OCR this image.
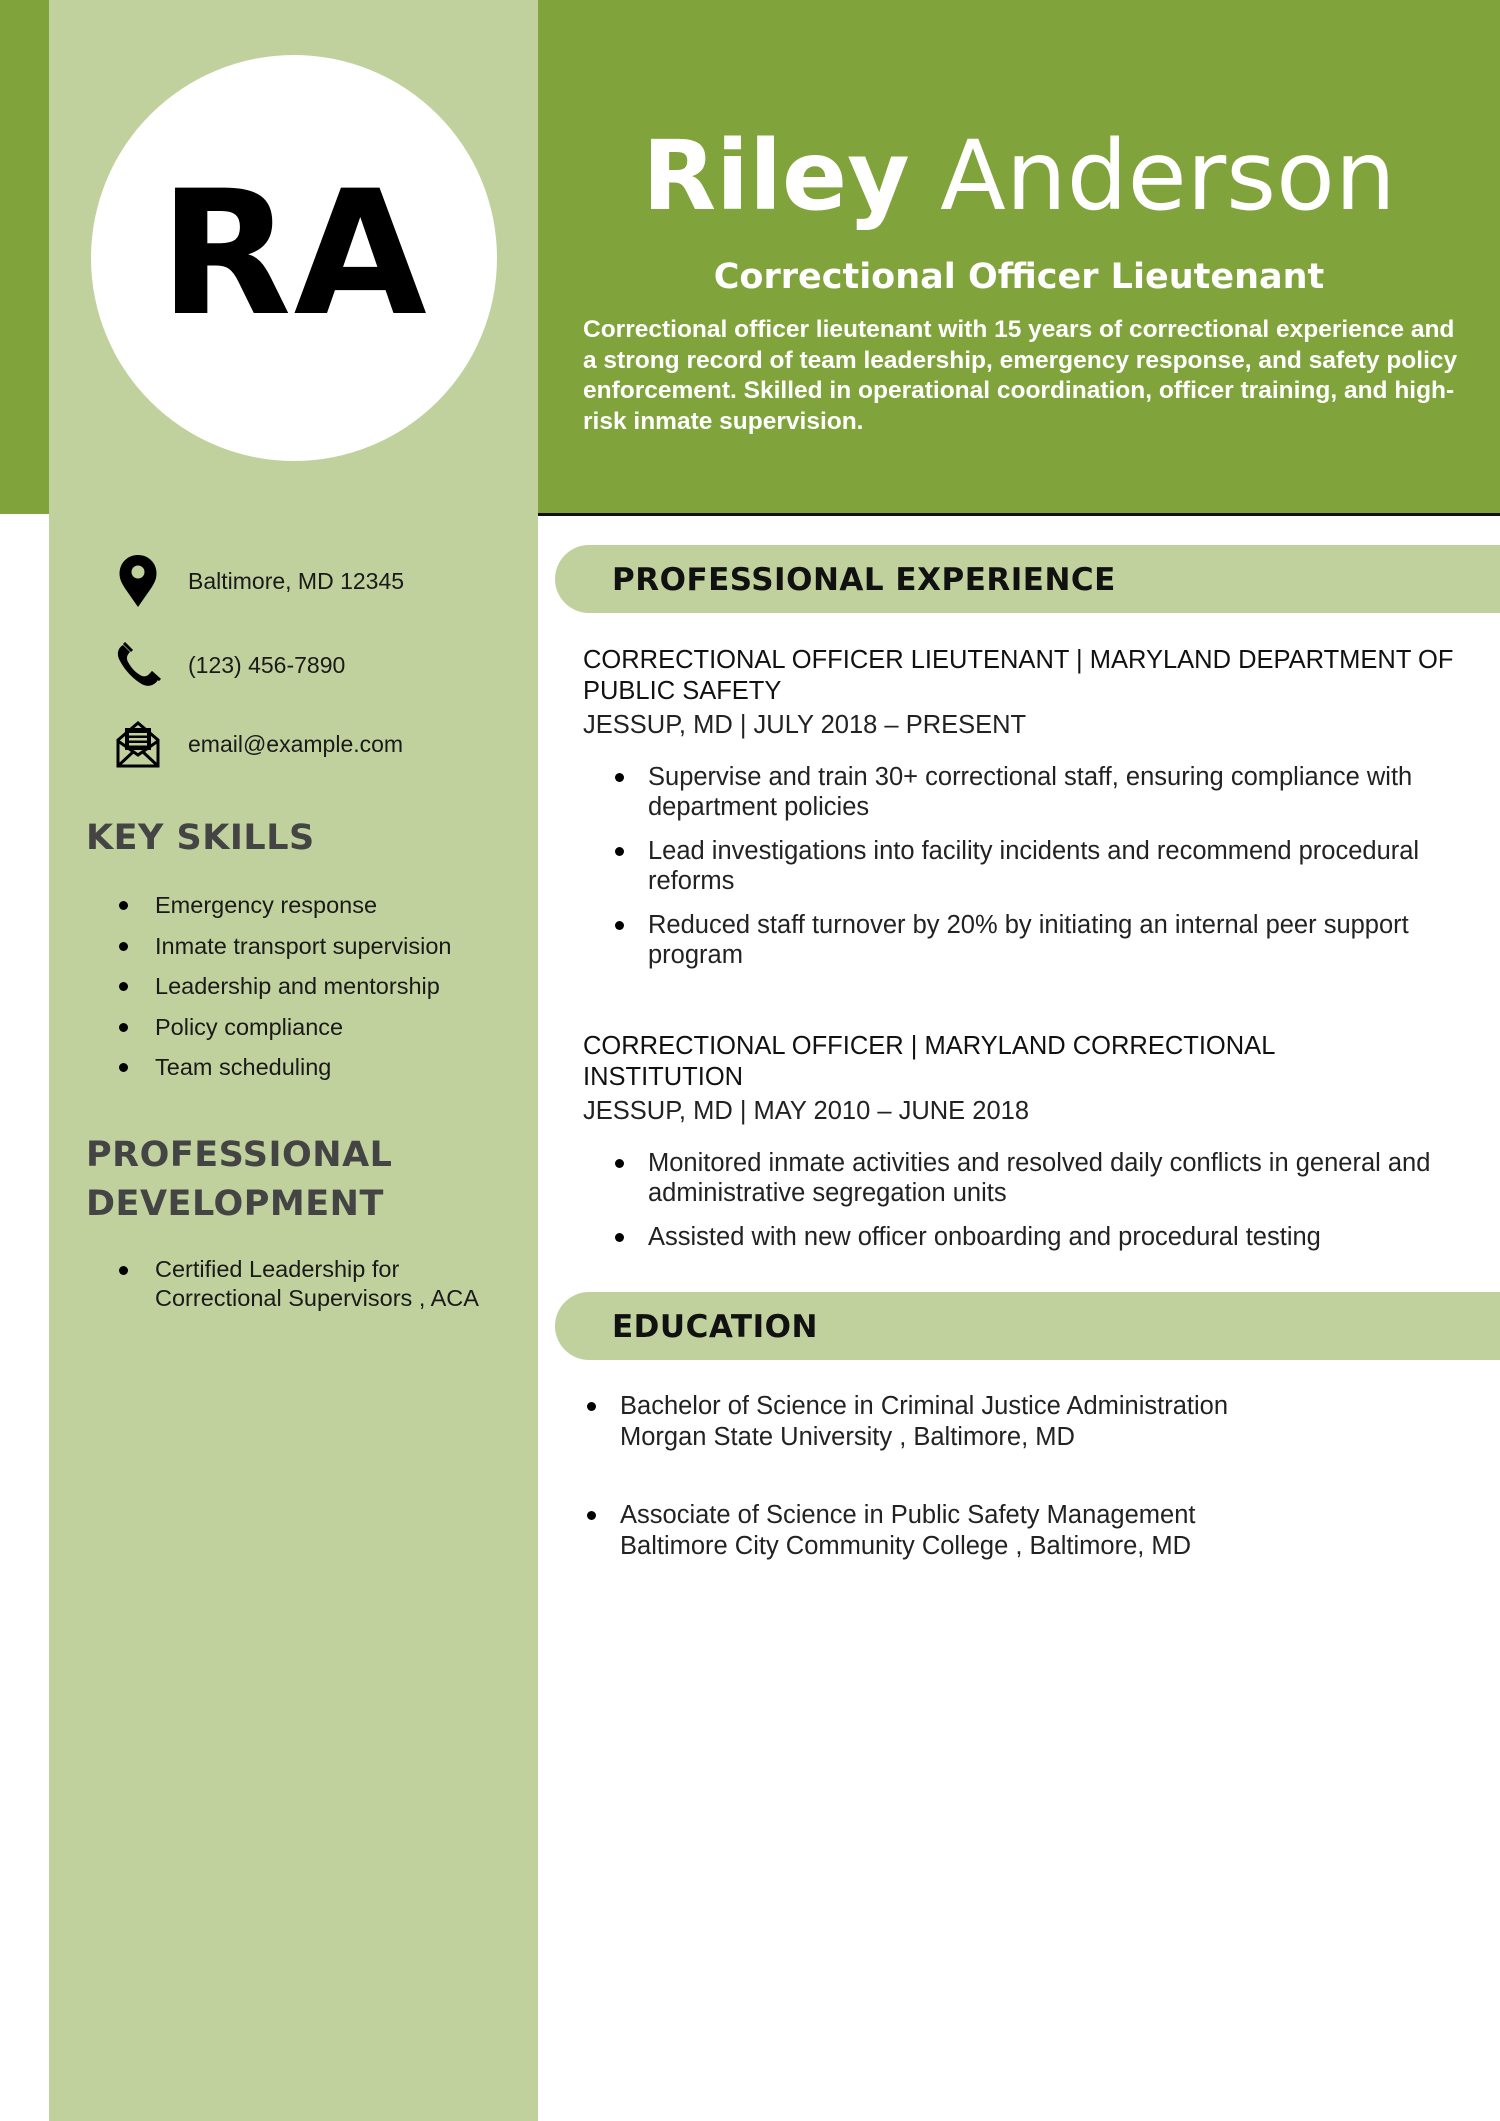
RA	Riley Anderson
Correctional Officer Lieutenant
Correctional officer lieutenant with 15 years of correctional experience and a strong record of team leadership, emergency response, and safety policy enforcement. Skilled in operational coordination, officer training, and high-risk inmate supervision.
Baltimore, MD 12345
(123) 456-7890
email@example.com
KEY SKILLS
Emergency response
Inmate transport supervision
Leadership and mentorship
Policy compliance
Team scheduling
PROFESSIONAL
DEVELOPMENT
Certified Leadership for Correctional Supervisors , ACA
PROFESSIONAL EXPERIENCE
CORRECTIONAL OFFICER LIEUTENANT | MARYLAND DEPARTMENT OF PUBLIC SAFETY
JESSUP, MD | JULY 2018 – PRESENT
Supervise and train 30+ correctional staff, ensuring compliance with department policies
Lead investigations into facility incidents and recommend procedural reforms
Reduced staff turnover by 20% by initiating an internal peer support program
CORRECTIONAL OFFICER | MARYLAND CORRECTIONAL INSTITUTION
JESSUP, MD | MAY 2010 – JUNE 2018
Monitored inmate activities and resolved daily conflicts in general and administrative segregation units
Assisted with new officer onboarding and procedural testing
EDUCATION
Bachelor of Science in Criminal Justice Administration
Morgan State University , Baltimore, MD
Associate of Science in Public Safety Management
Baltimore City Community College , Baltimore, MD
